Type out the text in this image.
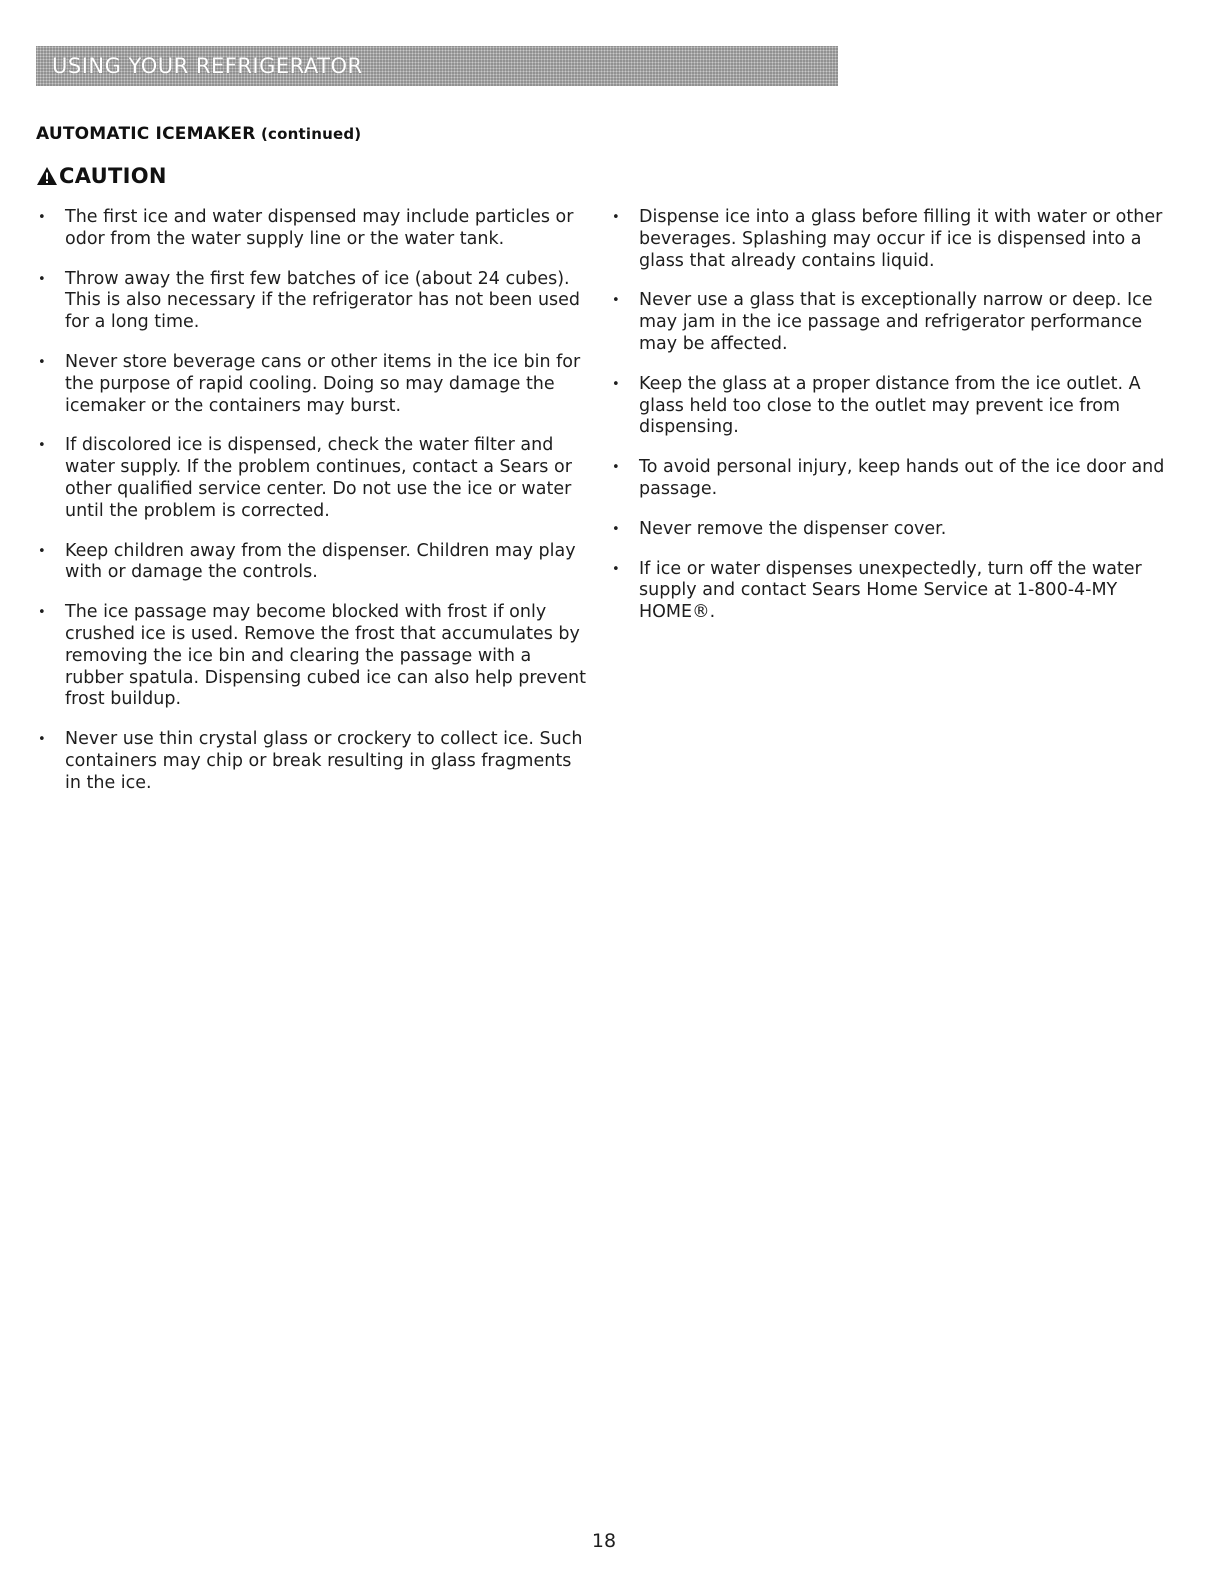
USING YOUR REFRIGERATOR
AUTOMATIC ICEMAKER (continued)
CAUTION
• The first ice and water dispensed may include particles or odor from the water supply line or the water tank.
• Throw away the first few batches of ice (about 24 cubes). This is also necessary if the refrigerator has not been used for a long time.
• Never store beverage cans or other items in the ice bin for the purpose of rapid cooling. Doing so may damage the icemaker or the containers may burst.
• If discolored ice is dispensed, check the water filter and water supply. If the problem continues, contact a Sears or other qualified service center. Do not use the ice or water until the problem is corrected.
• Keep children away from the dispenser. Children may play with or damage the controls.
• The ice passage may become blocked with frost if only crushed ice is used. Remove the frost that accumulates by removing the ice bin and clearing the passage with a rubber spatula. Dispensing cubed ice can also help prevent frost buildup.
• Never use thin crystal glass or crockery to collect ice. Such containers may chip or break resulting in glass fragments in the ice.
• Dispense ice into a glass before filling it with water or other beverages. Splashing may occur if ice is dispensed into a glass that already contains liquid.
• Never use a glass that is exceptionally narrow or deep. Ice may jam in the ice passage and refrigerator performance may be affected.
• Keep the glass at a proper distance from the ice outlet. A glass held too close to the outlet may prevent ice from dispensing.
• To avoid personal injury, keep hands out of the ice door and passage.
• Never remove the dispenser cover.
• If ice or water dispenses unexpectedly, turn off the water supply and contact Sears Home Service at 1-800-4-MY HOME®.
18
